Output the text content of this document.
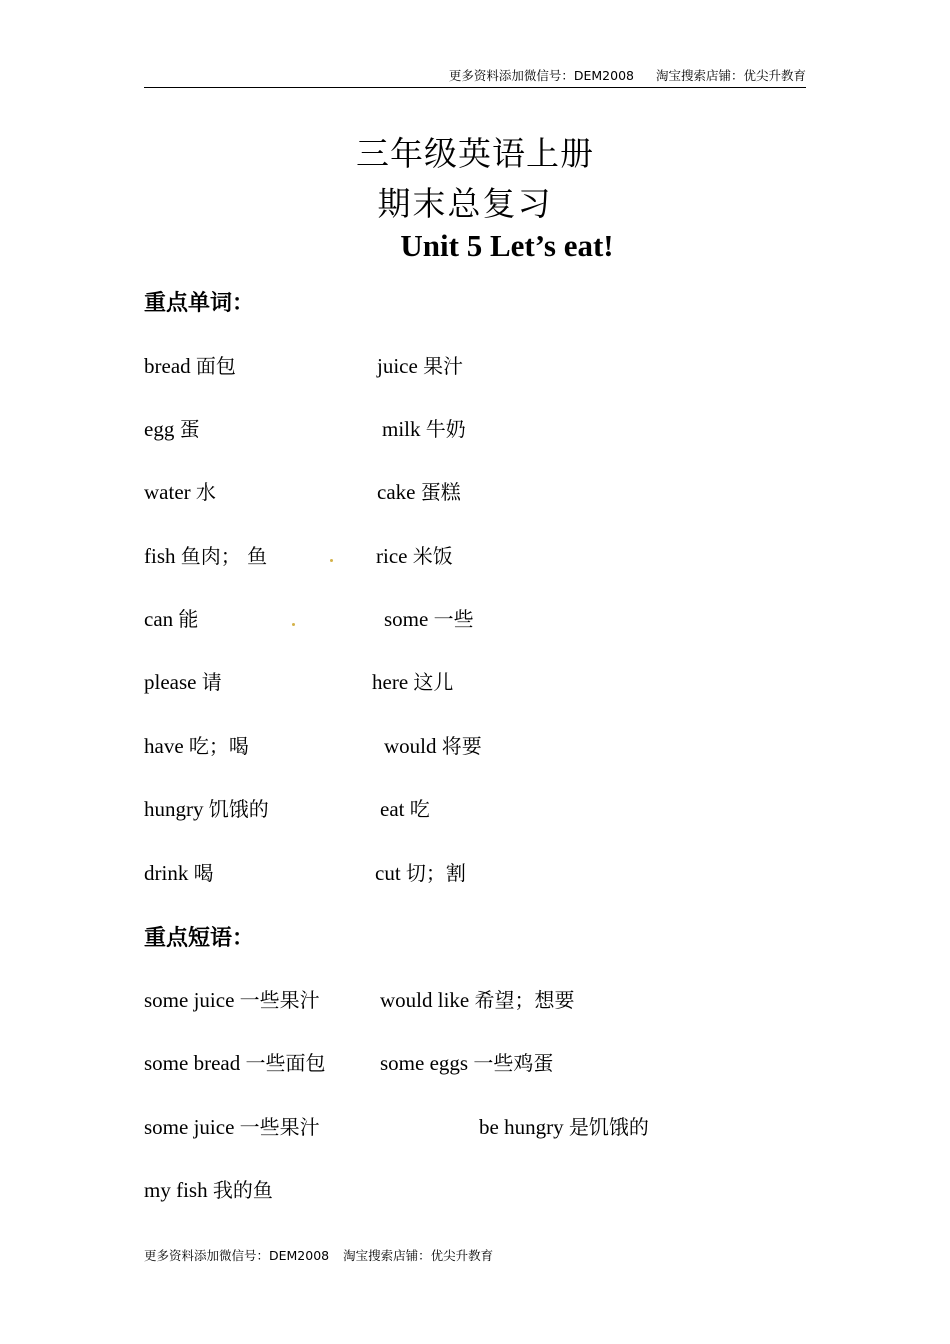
更多资料添加微信号：DEM2008 淘宝搜索店铺：优尖升教育
三年级英语上册
期末总复习
Unit 5 Let’s eat!
重点单词：
bread 面包	juice 果汁
egg 蛋	milk 牛奶
water 水	cake 蛋糕
fish 鱼肉； 鱼	rice 米饭
can 能	some 一些
please 请	here 这儿
have 吃；喝	would 将要
hungry 饥饿的	eat 吃
drink 喝	cut 切；割
重点短语：
some juice 一些果汁	would like 希望；想要
some bread 一些面包	some eggs 一些鸡蛋
some juice 一些果汁	be hungry 是饥饿的
my fish 我的鱼
更多资料添加微信号：DEM2008 淘宝搜索店铺：优尖升教育
